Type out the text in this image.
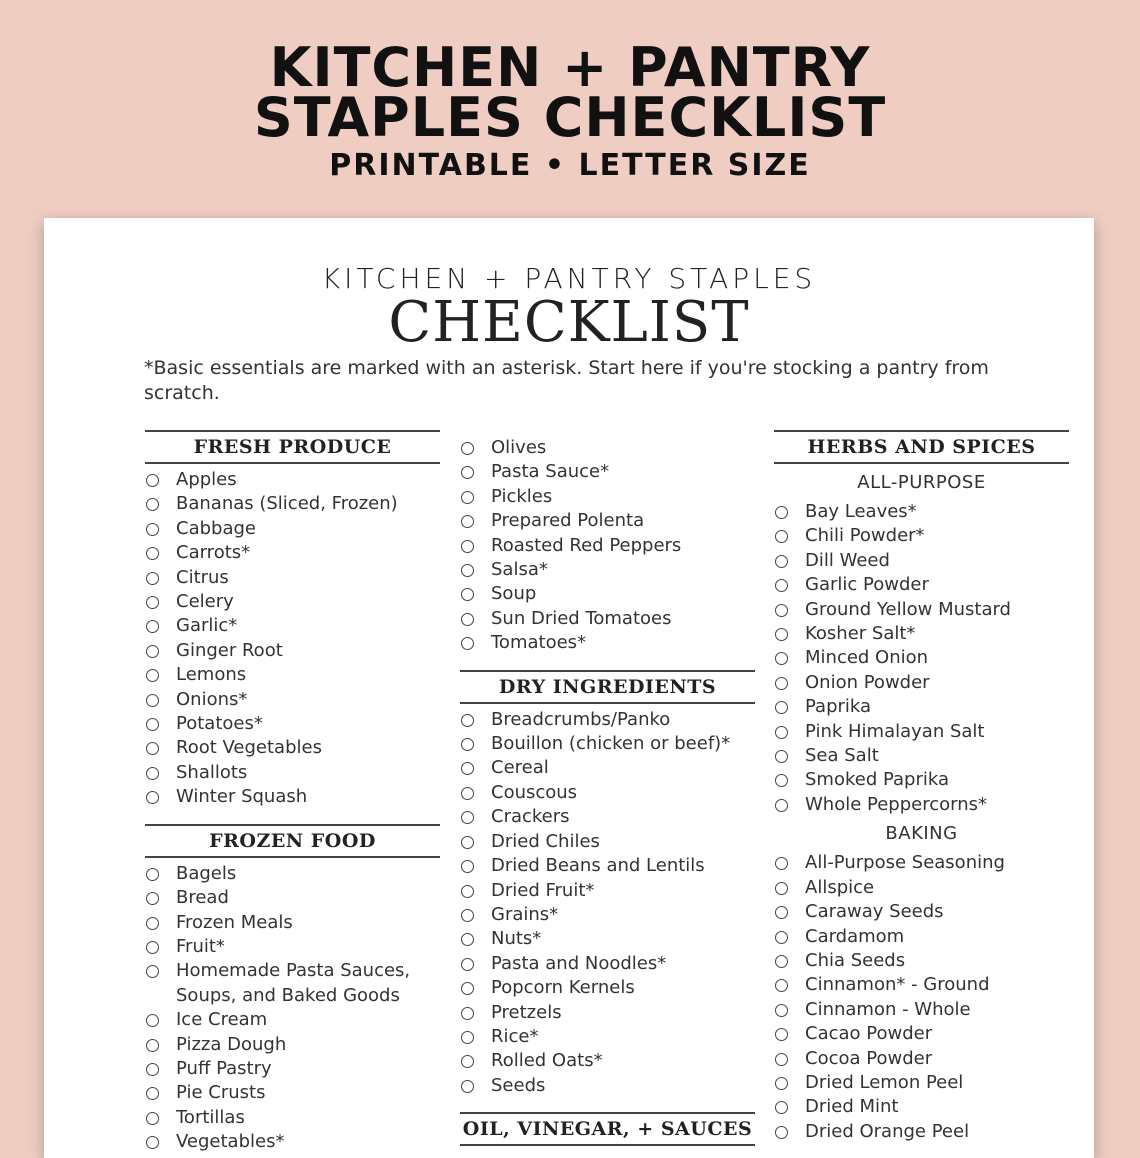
KITCHEN + PANTRY
STAPLES CHECKLIST
PRINTABLE • LETTER SIZE
KITCHEN + PANTRY STAPLES
CHECKLIST
*Basic essentials are marked with an asterisk. Start here if you're stocking a pantry from scratch.
FRESH PRODUCE
Apples
Bananas (Sliced, Frozen)
Cabbage
Carrots*
Citrus
Celery
Garlic*
Ginger Root
Lemons
Onions*
Potatoes*
Root Vegetables
Shallots
Winter Squash
FROZEN FOOD
Bagels
Bread
Frozen Meals
Fruit*
Homemade Pasta Sauces, Soups, and Baked Goods
Ice Cream
Pizza Dough
Puff Pastry
Pie Crusts
Tortillas
Vegetables*
Olives
Pasta Sauce*
Pickles
Prepared Polenta
Roasted Red Peppers
Salsa*
Soup
Sun Dried Tomatoes
Tomatoes*
DRY INGREDIENTS
Breadcrumbs/Panko
Bouillon (chicken or beef)*
Cereal
Couscous
Crackers
Dried Chiles
Dried Beans and Lentils
Dried Fruit*
Grains*
Nuts*
Pasta and Noodles*
Popcorn Kernels
Pretzels
Rice*
Rolled Oats*
Seeds
OIL, VINEGAR, + SAUCES
HERBS AND SPICES
ALL-PURPOSE
Bay Leaves*
Chili Powder*
Dill Weed
Garlic Powder
Ground Yellow Mustard
Kosher Salt*
Minced Onion
Onion Powder
Paprika
Pink Himalayan Salt
Sea Salt
Smoked Paprika
Whole Peppercorns*
BAKING
All-Purpose Seasoning
Allspice
Caraway Seeds
Cardamom
Chia Seeds
Cinnamon* - Ground
Cinnamon - Whole
Cacao Powder
Cocoa Powder
Dried Lemon Peel
Dried Mint
Dried Orange Peel
